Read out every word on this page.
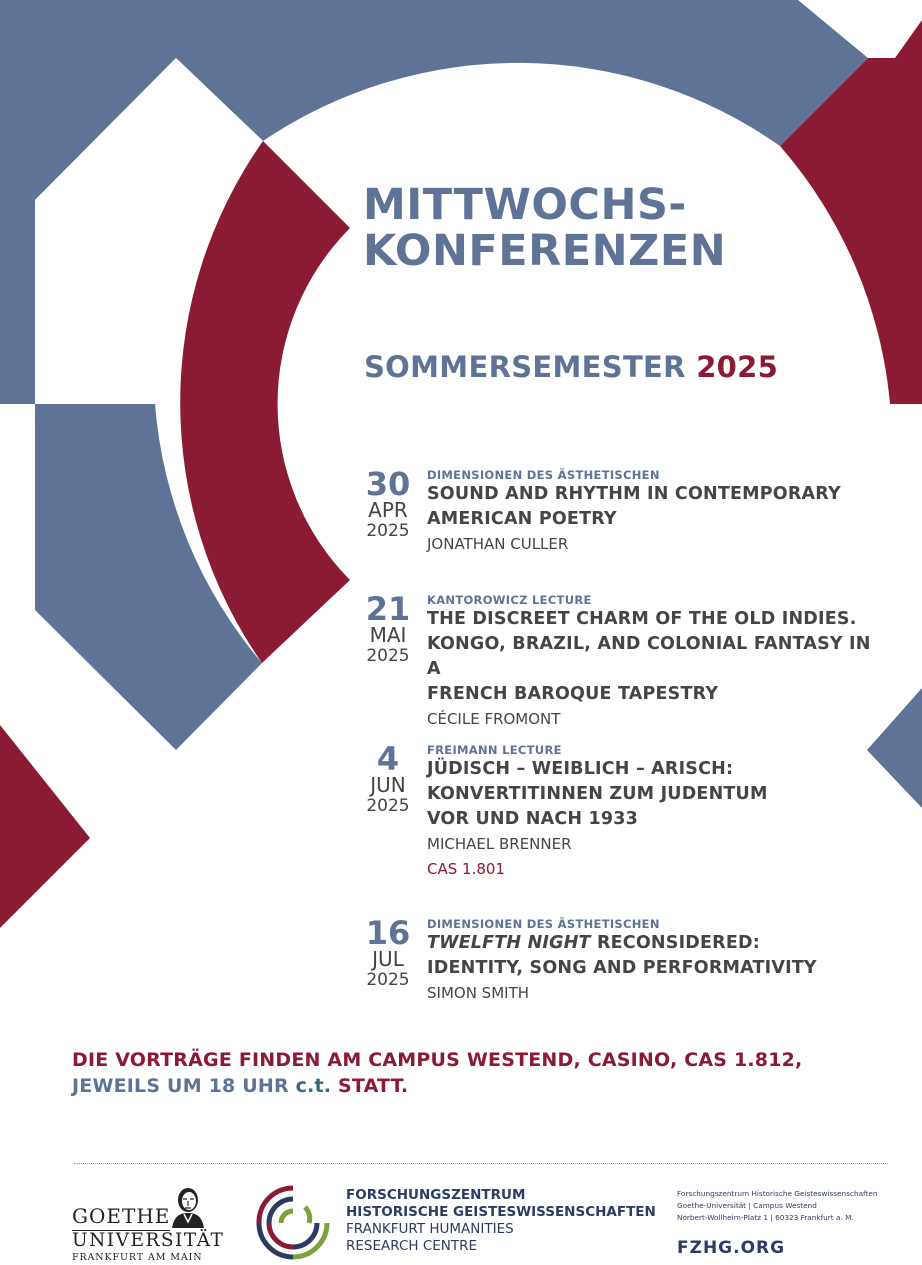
MITTWOCHS-
KONFERENZEN
SOMMERSEMESTER 2025
30
APR
2025
DIMENSIONEN DES ÄSTHETISCHEN
SOUND AND RHYTHM IN CONTEMPORARY
AMERICAN POETRY
JONATHAN CULLER
21
MAI
2025
KANTOROWICZ LECTURE
THE DISCREET CHARM OF THE OLD INDIES.
KONGO, BRAZIL, AND COLONIAL FANTASY IN A
FRENCH BAROQUE TAPESTRY
CÉCILE FROMONT
4
JUN
2025
FREIMANN LECTURE
JÜDISCH – WEIBLICH – ARISCH:
KONVERTITINNEN ZUM JUDENTUM
VOR UND NACH 1933
MICHAEL BRENNER
CAS 1.801
16
JUL
2025
DIMENSIONEN DES ÄSTHETISCHEN
TWELFTH NIGHT RECONSIDERED:
IDENTITY, SONG AND PERFORMATIVITY
SIMON SMITH
DIE VORTRÄGE FINDEN AM CAMPUS WESTEND, CASINO, CAS 1.812,
JEWEILS UM 18 UHR c.t. STATT.
GOETHE
UNIVERSITÄT
FRANKFURT AM MAIN
FORSCHUNGSZENTRUM
HISTORISCHE GEISTESWISSENSCHAFTEN
FRANKFURT HUMANITIES
RESEARCH CENTRE
Forschungszentrum Historische Geisteswissenschaften
Goethe-Universität | Campus Westend
Norbert-Wollheim-Platz 1 | 60323 Frankfurt a. M.
FZHG.ORG
